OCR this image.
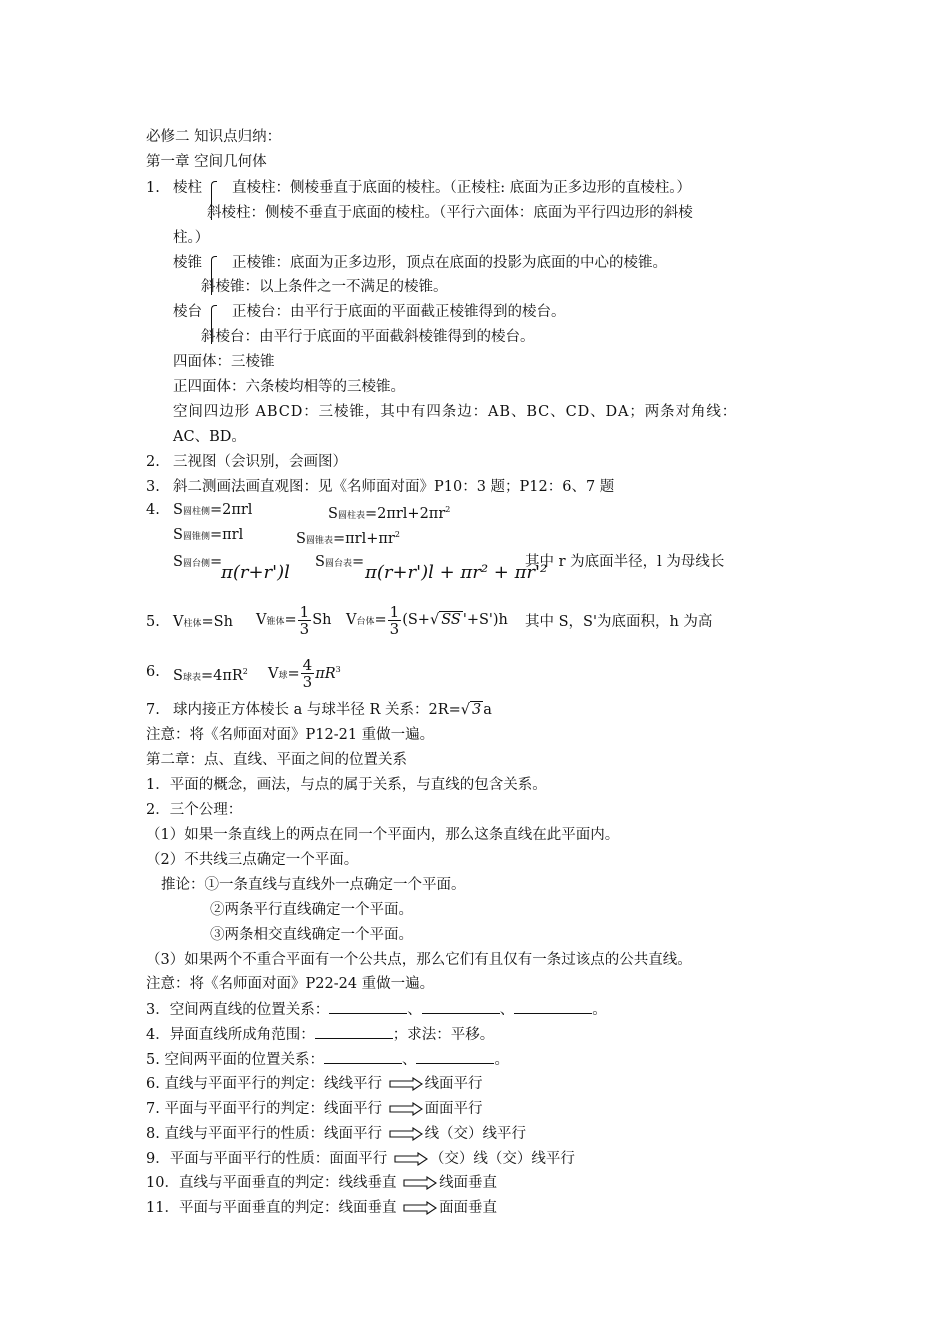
必修二 知识点归纳：
第一章 空间几何体
1. 棱柱 直棱柱：侧棱垂直于底面的棱柱。（正棱柱: 底面为正多边形的直棱柱。）
斜棱柱：侧棱不垂直于底面的棱柱。（平行六面体：底面为平行四边形的斜棱
柱。）
棱锥 正棱锥：底面为正多边形，顶点在底面的投影为底面的中心的棱锥。
斜棱锥：以上条件之一不满足的棱锥。
棱台 正棱台：由平行于底面的平面截正棱锥得到的棱台。
斜棱台：由平行于底面的平面截斜棱锥得到的棱台。
四面体：三棱锥
正四面体：六条棱均相等的三棱锥。
空间四边形 ABCD：三棱锥，其中有四条边：AB、BC、CD、DA；两条对角线：
AC、BD。
2. 三视图（会识别，会画图）
3. 斜二测画法画直观图：见《名师面对面》P10：3 题；P12：6、7 题
4. S圆柱侧=2πrl	S圆柱表$=2\pi rl+2\pi r^2$
S圆锥侧=πrl	S圆锥表$=\pi rl+\pi r^2$
S圆台侧=
π(r+r')l S圆台表= π(r+r')l + πr² + πr'²
其中 r 为底面半径，l 为母线长
5. V柱体=Sh V锥体= $\frac{1}{3}$ Sh V台体= $\frac{1}{3} (S+√$ SS '+S')h 其中 S，S'为底面积，h 为高
6. S球表$=4\pi R^2$ V球= $\frac{4}{3} \pi R^3$
7. 球内接正方体棱长 a 与球半径 R 关系：2R=√ 3 a
注意：将《名师面对面》P12-21 重做一遍。
第二章：点、直线、平面之间的位置关系
1．平面的概念，画法，与点的属于关系，与直线的包含关系。
2．三个公理：
（1）如果一条直线上的两点在同一个平面内，那么这条直线在此平面内。
（2）不共线三点确定一个平面。
推论：①一条直线与直线外一点确定一个平面。
②两条平行直线确定一个平面。
③两条相交直线确定一个平面。
（3）如果两个不重合平面有一个公共点，那么它们有且仅有一条过该点的公共直线。
注意：将《名师面对面》P22-24 重做一遍。
3．空间两直线的位置关系：	、	、	。
4．异面直线所成角范围：	；求法：平移。
5. 空间两平面的位置关系：	、	。
6. 直线与平面平行的判定：线线平行	线面平行
7. 平面与平面平行的判定：线面平行	面面平行
8. 直线与平面平行的性质：线面平行	线（交）线平行
9．平面与平面平行的性质：面面平行	（交）线（交）线平行
10．直线与平面垂直的判定：线线垂直	线面垂直
11．平面与平面垂直的判定：线面垂直	面面垂直
